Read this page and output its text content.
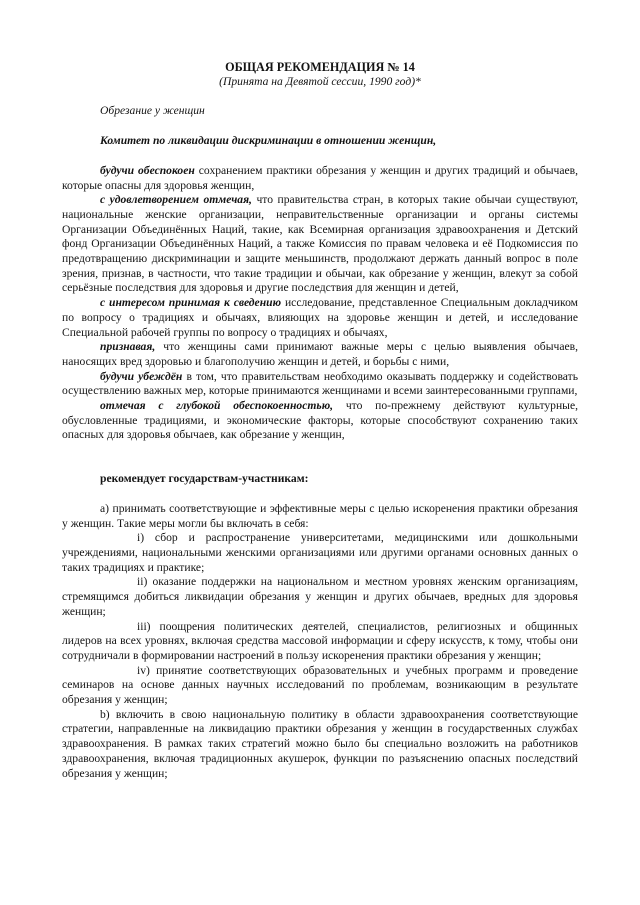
ОБЩАЯ РЕКОМЕНДАЦИЯ № 14

(Принята на Девятой сессии, 1990 год)*

Обрезание у женщин

Комитет по ликвидации дискриминации в отношении женщин,

будучи обеспокоен сохранением практики обрезания у женщин и других традиций и обычаев, которые опасны для здоровья женщин,

с удовлетворением отмечая, что правительства стран, в которых такие обычаи существуют, национальные женские организации, неправительственные организации и органы системы Организации Объединённых Наций, такие, как Всемирная организация здравоохранения и Детский фонд Организации Объединённых Наций, а также Комиссия по правам человека и её Подкомиссия по предотвращению дискриминации и защите меньшинств, продолжают держать данный вопрос в поле зрения, признав, в частности, что такие традиции и обычаи, как обрезание у женщин, влекут за собой серьёзные последствия для здоровья и другие последствия для женщин и детей,

с интересом принимая к сведению исследование, представленное Специальным докладчиком по вопросу о традициях и обычаях, влияющих на здоровье женщин и детей, и исследование Специальной рабочей группы по вопросу о традициях и обычаях,

признавая, что женщины сами принимают важные меры с целью выявления обычаев, наносящих вред здоровью и благополучию женщин и детей, и борьбы с ними,

будучи убеждён в том, что правительствам необходимо оказывать поддержку и содействовать осуществлению важных мер, которые принимаются женщинами и всеми заинтересованными группами,

отмечая с глубокой обеспокоенностью, что по-прежнему действуют культурные, обусловленные традициями, и экономические факторы, которые способствуют сохранению таких опасных для здоровья обычаев, как обрезание у женщин,

рекомендует государствам-участникам:

a) принимать соответствующие и эффективные меры с целью искоренения практики обрезания у женщин. Такие меры могли бы включать в себя:

i) сбор и распространение университетами, медицинскими или дошкольными учреждениями, национальными женскими организациями или другими органами основных данных о таких традициях и практике;

ii) оказание поддержки на национальном и местном уровнях женским организациям, стремящимся добиться ликвидации обрезания у женщин и других обычаев, вредных для здоровья женщин;

iii) поощрения политических деятелей, специалистов, религиозных и общинных лидеров на всех уровнях, включая средства массовой информации и сферу искусств, к тому, чтобы они сотрудничали в формировании настроений в пользу искоренения практики обрезания у женщин;

iv) принятие соответствующих образовательных и учебных программ и проведение семинаров на основе данных научных исследований по проблемам, возникающим в результате обрезания у женщин;

b) включить в свою национальную политику в области здравоохранения соответствующие стратегии, направленные на ликвидацию практики обрезания у женщин в государственных службах здравоохранения. В рамках таких стратегий можно было бы специально возложить на работников здравоохранения, включая традиционных акушерок, функции по разъяснению опасных последствий обрезания у женщин;
